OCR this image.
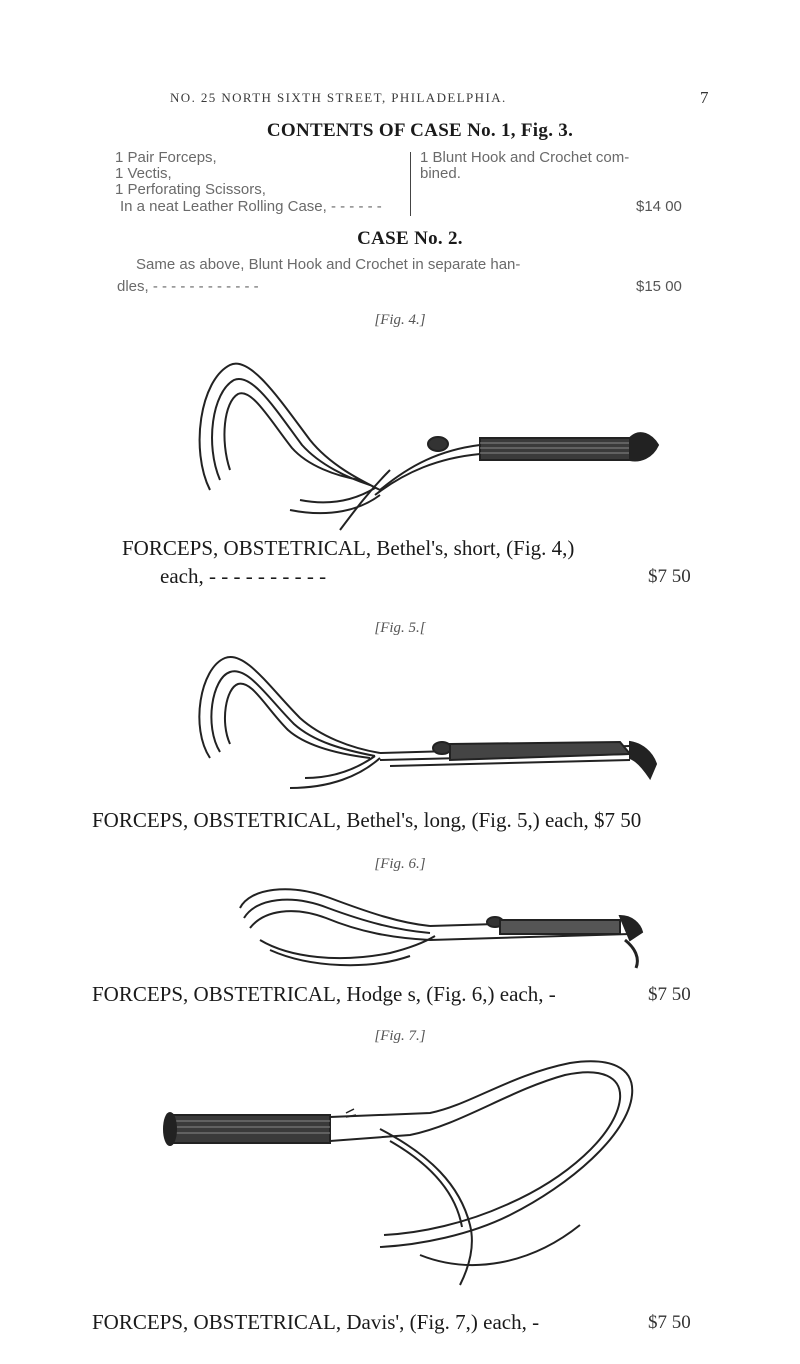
NO. 25 NORTH SIXTH STREET, PHILADELPHIA.	7
CONTENTS OF CASE No. 1, Fig. 3.
1 Pair Forceps,
1 Vectis,
1 Perforating Scissors,
1 Blunt Hook and Crochet com-
bined.
In a neat Leather Rolling Case, - - - - - -	$14 00
CASE No. 2.
Same as above, Blunt Hook and Crochet in separate han-
dles, - - - - - - - - - - - -	$15 00
[Fig. 4.]
FORCEPS, OBSTETRICAL, Bethel's, short, (Fig. 4,)
each, - - - - - - - - - -	$7 50
[Fig. 5.[
FORCEPS, OBSTETRICAL, Bethel's, long, (Fig. 5,) each, $7 50
[Fig. 6.]
FORCEPS, OBSTETRICAL, Hodge s, (Fig. 6,) each, -	$7 50
[Fig. 7.]
FORCEPS, OBSTETRICAL, Davis', (Fig. 7,) each, -	$7 50
